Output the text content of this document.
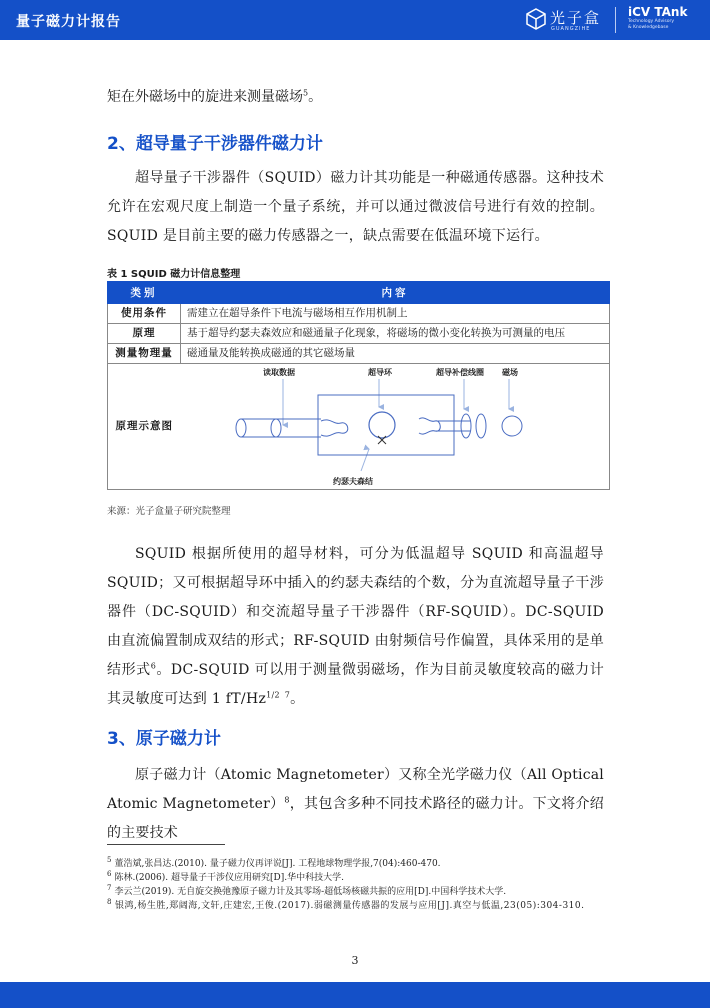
量子磁力计报告	光子盒
GUANGZIHE
iCV TAnk
Technology Advisory
& Knowledgebase
矩在外磁场中的旋进来测量磁场$^5$。
2、超导量子干涉器件磁力计
超导量子干涉器件（SQUID）磁力计其功能是一种磁通传感器。这种技术允许在宏观尺度上制造一个量子系统，并可以通过微波信号进行有效的控制。SQUID 是目前主要的磁力传感器之一，缺点需要在低温环境下运行。
表 1 SQUID 磁力计信息整理
类别	内容
使用条件	需建立在超导条件下电流与磁场相互作用机制上
原理	基于超导约瑟夫森效应和磁通量子化现象，将磁场的微小变化转换为可测量的电压
测量物理量	磁通量及能转换成磁通的其它磁场量
原理示意图	读取数据 超导环 超导补偿线圈 磁场
约瑟夫森结
来源：光子盒量子研究院整理
SQUID 根据所使用的超导材料，可分为低温超导 SQUID 和高温超导 SQUID；又可根据超导环中插入的约瑟夫森结的个数，分为直流超导量子干涉器件（DC-SQUID）和交流超导量子干涉器件（RF-SQUID）。DC-SQUID 由直流偏置制成双结的形式；RF-SQUID 由射频信号作偏置，具体采用的是单结形式$^6$。DC-SQUID 可以用于测量微弱磁场，作为目前灵敏度较高的磁力计其灵敏度可达到 1 $fT/Hz^{1/2}$ $^7$。
3、原子磁力计
原子磁力计（Atomic Magnetometer）又称全光学磁力仪（All Optical Atomic Magnetometer）$^8$，其包含多种不同技术路径的磁力计。下文将介绍的主要技术
$^5$ 董浩斌,张昌达.(2010). 量子磁力仪再评说[J]. 工程地球物理学报,7(04):460-470.
$^6$ 陈林.(2006). 超导量子干涉仪应用研究[D].华中科技大学.
$^7$ 李云兰(2019). 无自旋交换弛豫原子磁力计及其零场-超低场核磁共振的应用[D].中国科学技术大学.
$^8$ 银鸿,杨生胜,郑阔海,文轩,庄建宏,王俊.(2017).弱磁测量传感器的发展与应用[J].真空与低温,23(05):304-310.
3
